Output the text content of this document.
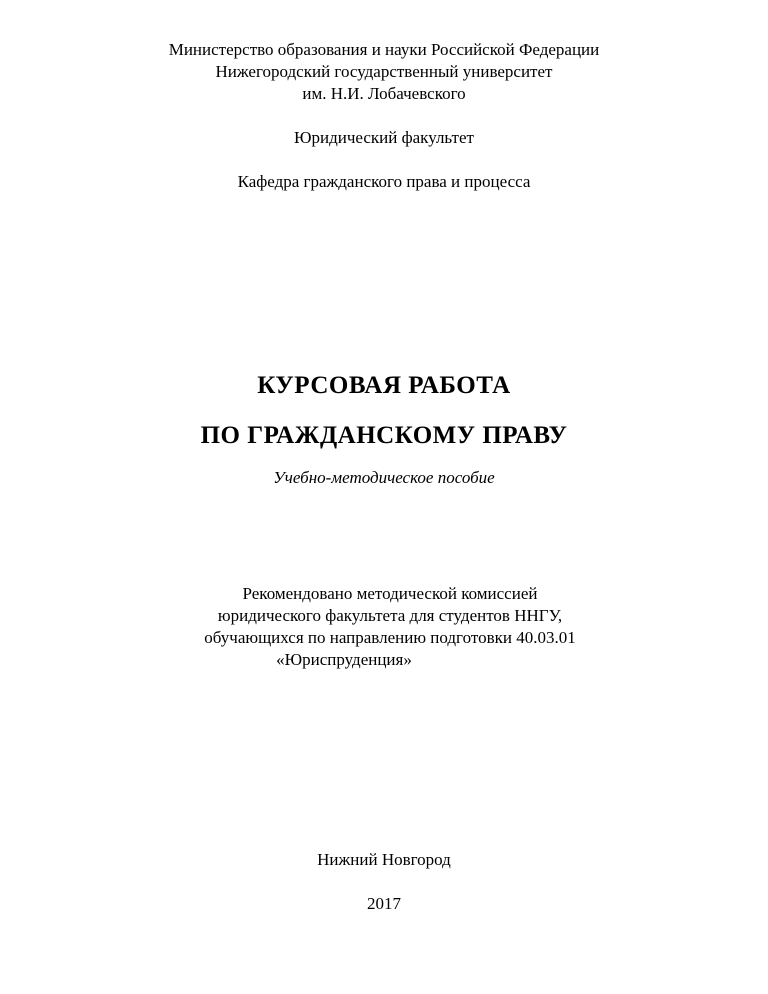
Министерство образования и науки Российской Федерации
Нижегородский государственный университет
им. Н.И. Лобачевского
Юридический факультет
Кафедра гражданского права и процесса
КУРСОВАЯ РАБОТА
ПО ГРАЖДАНСКОМУ ПРАВУ
Учебно-методическое пособие
Рекомендовано методической комиссией
юридического факультета для студентов ННГУ,
обучающихся по направлению подготовки 40.03.01
«Юриспруденция»
Нижний Новгород
2017
